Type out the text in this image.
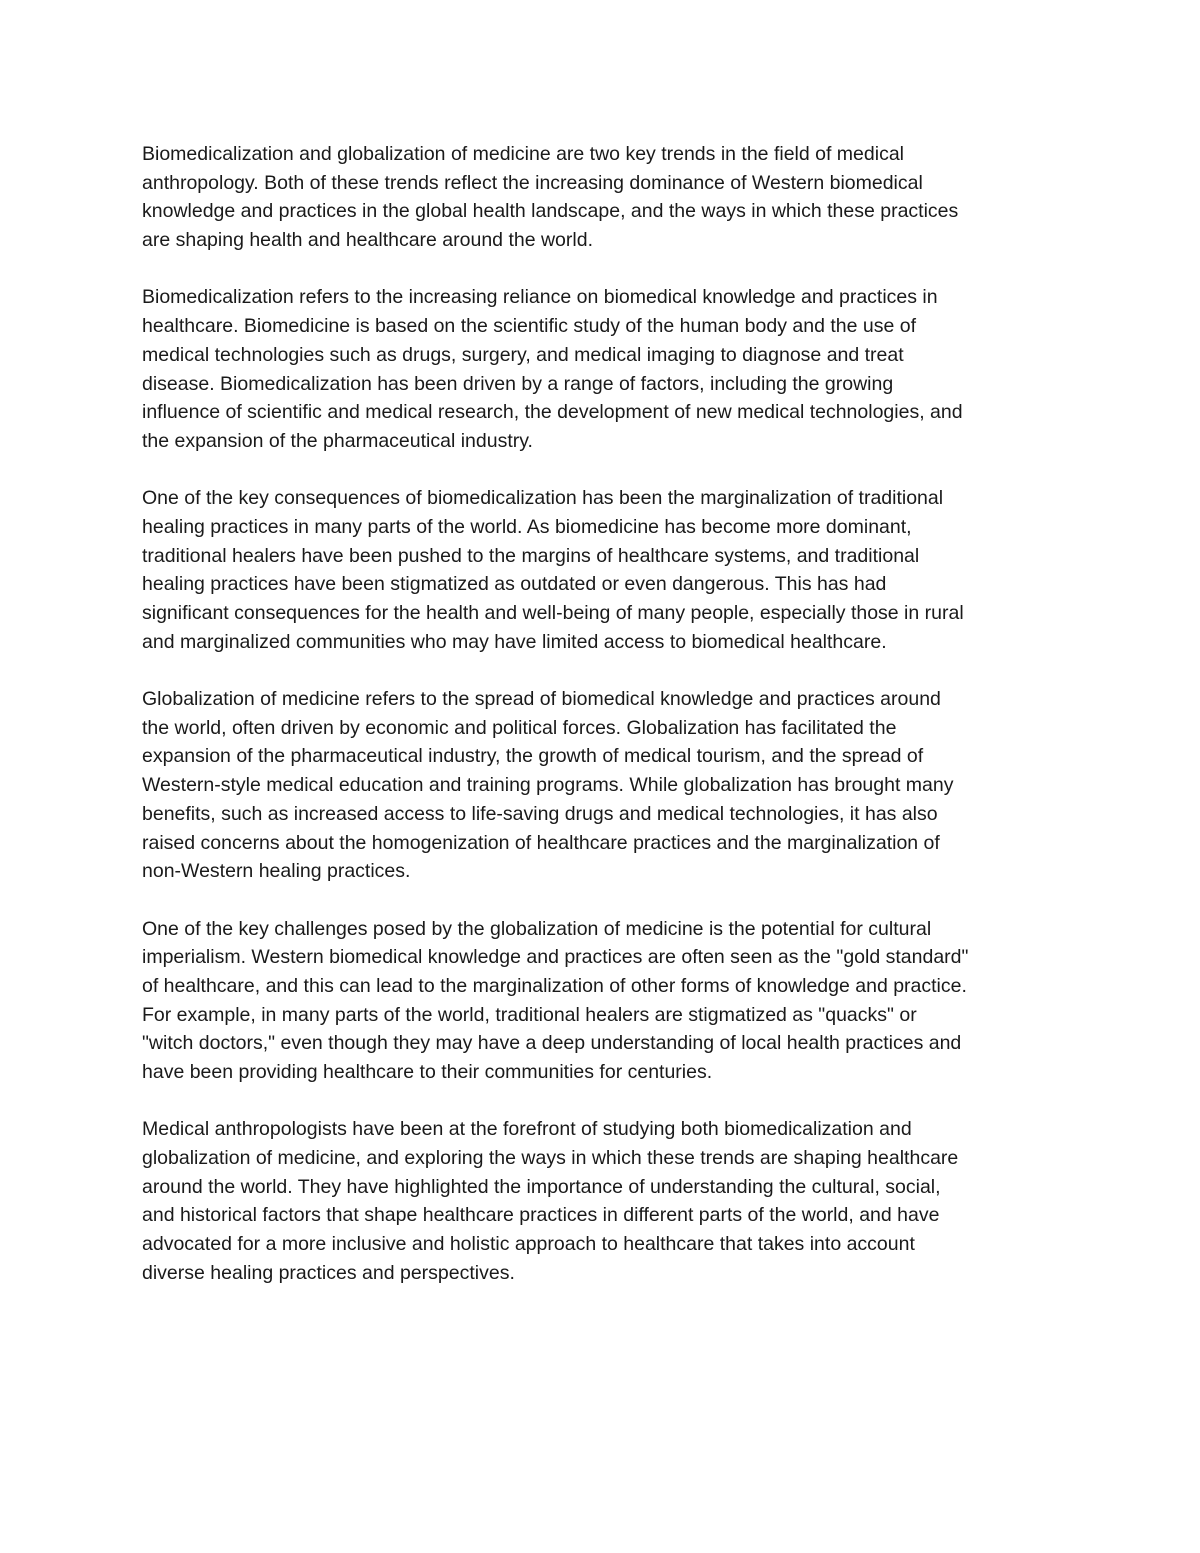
Biomedicalization and globalization of medicine are two key trends in the field of medical
anthropology. Both of these trends reflect the increasing dominance of Western biomedical
knowledge and practices in the global health landscape, and the ways in which these practices
are shaping health and healthcare around the world.
Biomedicalization refers to the increasing reliance on biomedical knowledge and practices in
healthcare. Biomedicine is based on the scientific study of the human body and the use of
medical technologies such as drugs, surgery, and medical imaging to diagnose and treat
disease. Biomedicalization has been driven by a range of factors, including the growing
influence of scientific and medical research, the development of new medical technologies, and
the expansion of the pharmaceutical industry.
One of the key consequences of biomedicalization has been the marginalization of traditional
healing practices in many parts of the world. As biomedicine has become more dominant,
traditional healers have been pushed to the margins of healthcare systems, and traditional
healing practices have been stigmatized as outdated or even dangerous. This has had
significant consequences for the health and well-being of many people, especially those in rural
and marginalized communities who may have limited access to biomedical healthcare.
Globalization of medicine refers to the spread of biomedical knowledge and practices around
the world, often driven by economic and political forces. Globalization has facilitated the
expansion of the pharmaceutical industry, the growth of medical tourism, and the spread of
Western-style medical education and training programs. While globalization has brought many
benefits, such as increased access to life-saving drugs and medical technologies, it has also
raised concerns about the homogenization of healthcare practices and the marginalization of
non-Western healing practices.
One of the key challenges posed by the globalization of medicine is the potential for cultural
imperialism. Western biomedical knowledge and practices are often seen as the "gold standard"
of healthcare, and this can lead to the marginalization of other forms of knowledge and practice.
For example, in many parts of the world, traditional healers are stigmatized as "quacks" or
"witch doctors," even though they may have a deep understanding of local health practices and
have been providing healthcare to their communities for centuries.
Medical anthropologists have been at the forefront of studying both biomedicalization and
globalization of medicine, and exploring the ways in which these trends are shaping healthcare
around the world. They have highlighted the importance of understanding the cultural, social,
and historical factors that shape healthcare practices in different parts of the world, and have
advocated for a more inclusive and holistic approach to healthcare that takes into account
diverse healing practices and perspectives.
